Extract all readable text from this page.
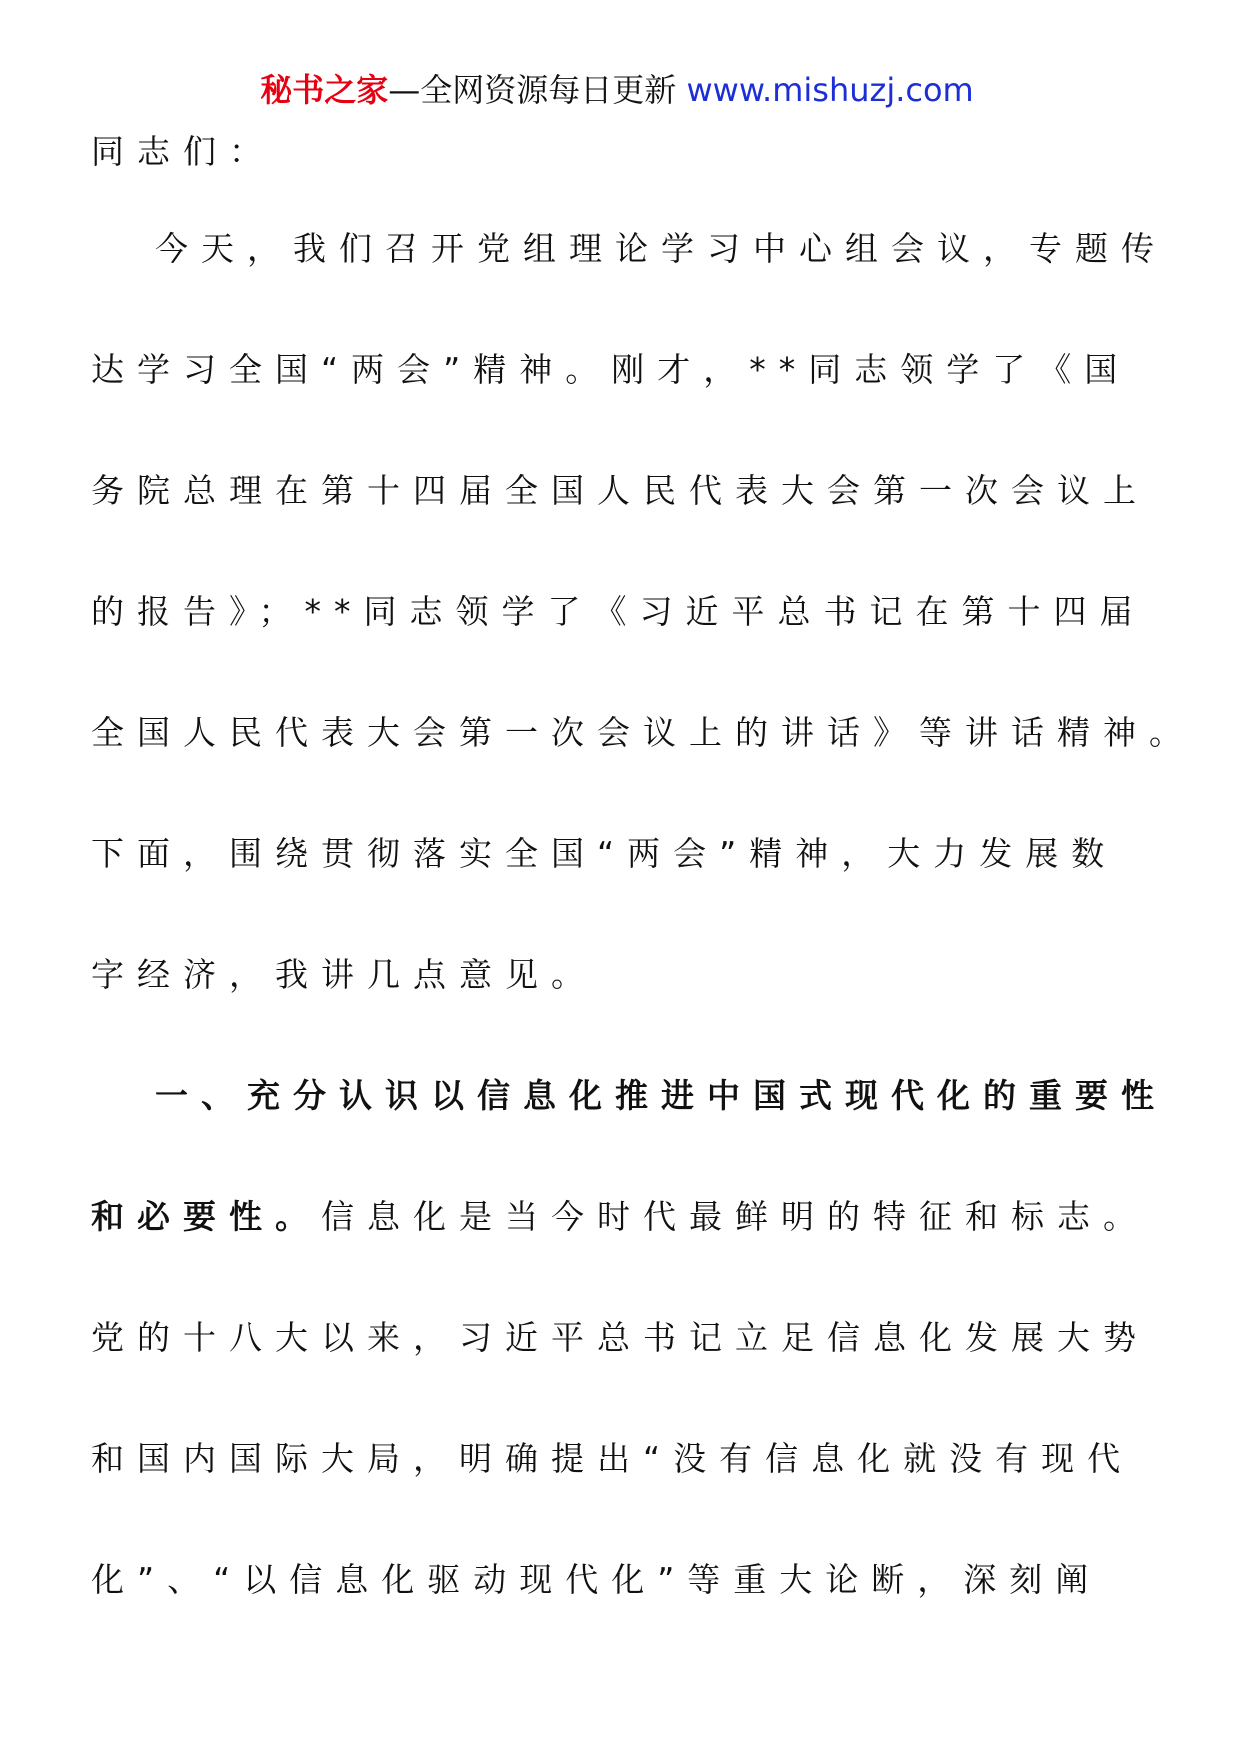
秘书之家—全网资源每日更新 www.mishuzj.com
同志们：
今天，我们召开党组理论学习中心组会议，专题传
达学习全国“两会”精神。刚才，**同志领学了《国
务院总理在第十四届全国人民代表大会第一次会议上
的报告》；**同志领学了《习近平总书记在第十四届
全国人民代表大会第一次会议上的讲话》等讲话精神。
下面，围绕贯彻落实全国“两会”精神，大力发展数
字经济，我讲几点意见。
一、充分认识以信息化推进中国式现代化的重要性
和必要性。信息化是当今时代最鲜明的特征和标志。
党的十八大以来，习近平总书记立足信息化发展大势
和国内国际大局，明确提出“没有信息化就没有现代
化”、“以信息化驱动现代化”等重大论断，深刻阐
